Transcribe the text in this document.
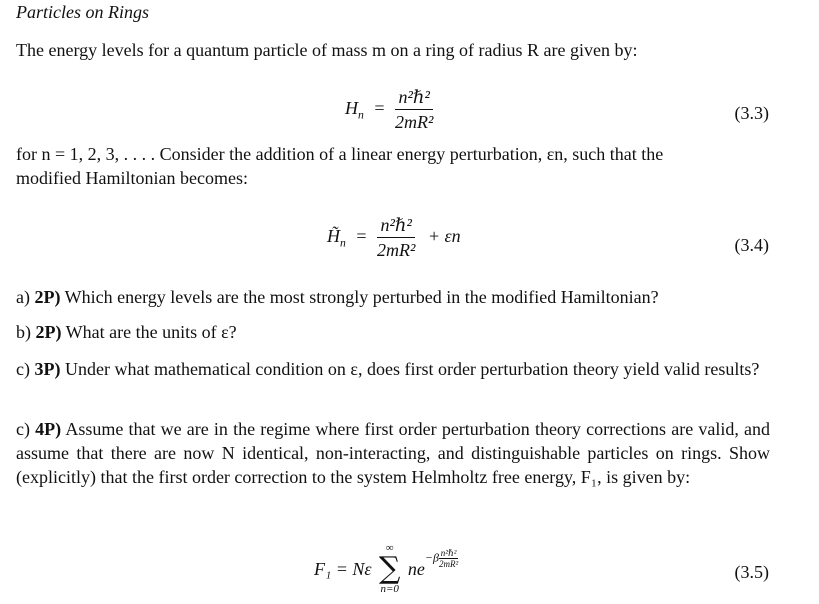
Particles on Rings
The energy levels for a quantum particle of mass m on a ring of radius R are given by:
$H_n = \frac{\text{n²ℏ²}}{\text{2mR²}}$	(3.3)
for n = 1, 2, 3, . . . . Consider the addition of a linear energy perturbation, εn, such that the
modified Hamiltonian becomes:
$H̃_n = \frac{\text{n²ℏ²}}{\text{2mR²}} + \varepsilon n$	(3.4)
a) 2P) Which energy levels are the most strongly perturbed in the modified Hamiltonian?
b) 2P) What are the units of ε?
c) 3P) Under what mathematical condition on ε, does first order perturbation theory yield valid results?
c) 4P) Assume that we are in the regime where first order perturbation theory corrections are valid, and assume that there are now N identical, non-interacting, and distinguishable particles on rings. Show (explicitly) that the first order correction to the system Helmholtz free energy, F₁, is given by:
F₁ = Nε
∞
∑
n=0
$ne-\beta \frac{\text{n²ℏ²}}{\text{2mR²}}$
(3.5)
